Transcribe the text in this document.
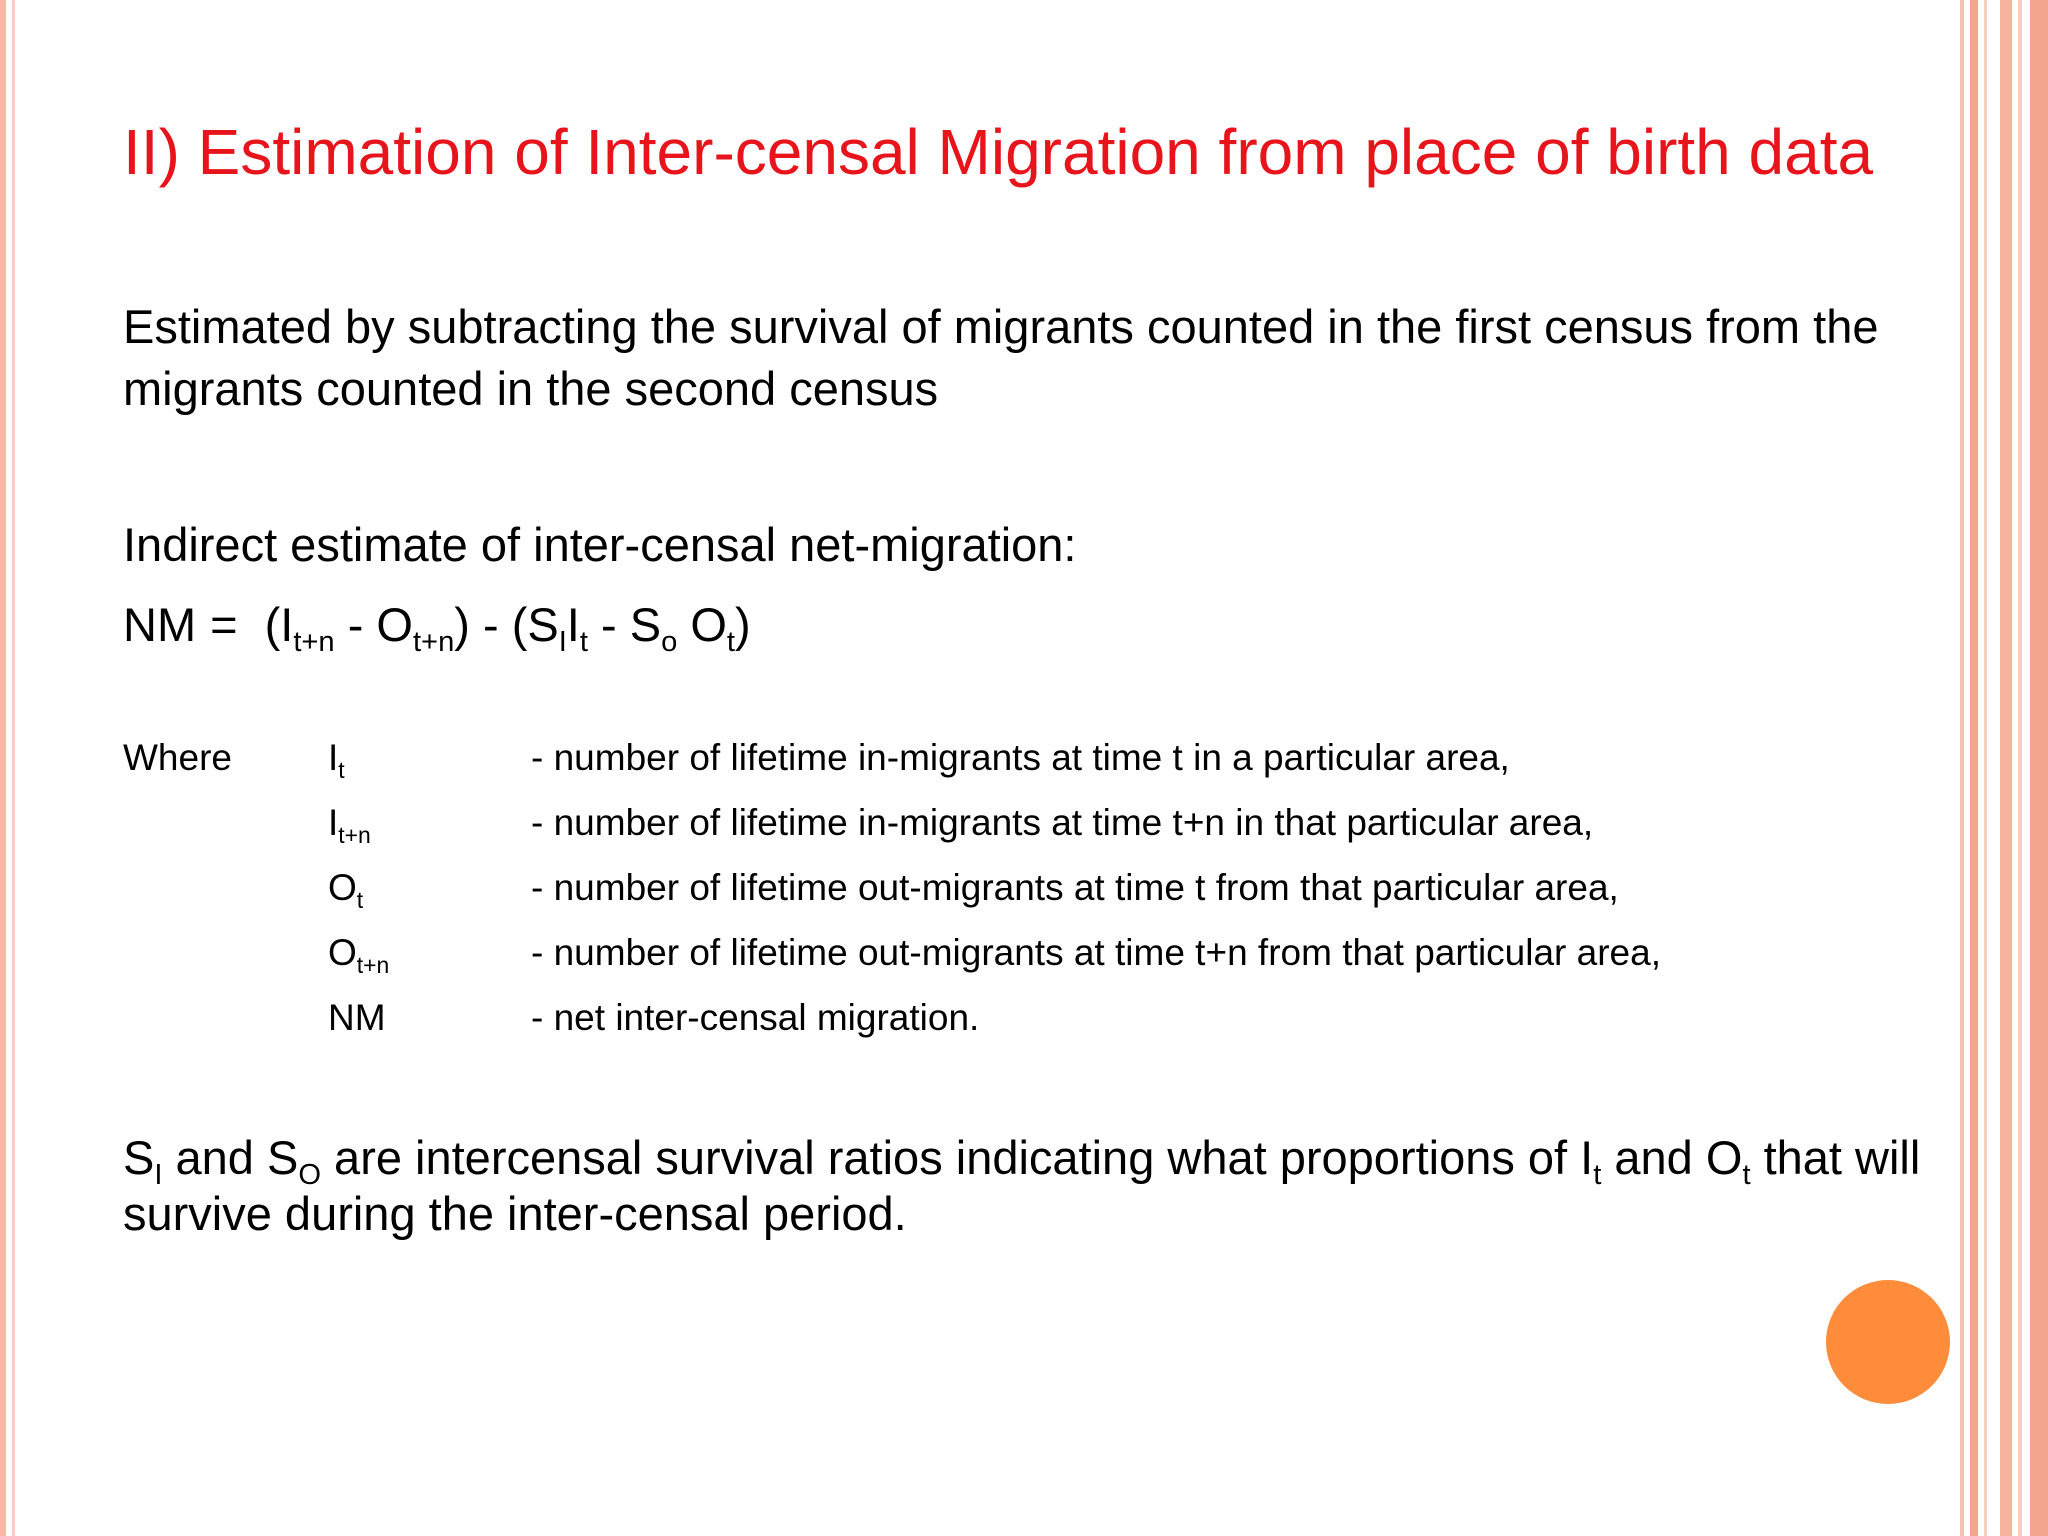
II) Estimation of Inter-censal Migration from place of birth data
Estimated by subtracting the survival of migrants counted in the first census from the migrants counted in the second census
Indirect estimate of inter-censal net-migration:
NM = $(I_{t+n} - O_{t+n}) - (S_II_t - S_o$ $O_t$)
Where	$I_t$	- number of lifetime in-migrants at time t in a particular area,
$I_{t+n}$	- number of lifetime in-migrants at time t+n in that particular area,
$O_t$	- number of lifetime out-migrants at time t from that particular area,
$O_{t+n}$	- number of lifetime out-migrants at time t+n from that particular area,
NM	- net inter-censal migration.
$S_I$ and $S_O$ are intercensal survival ratios indicating what proportions of $I_t$ and $O_t$ that will survive during the inter-censal period.
